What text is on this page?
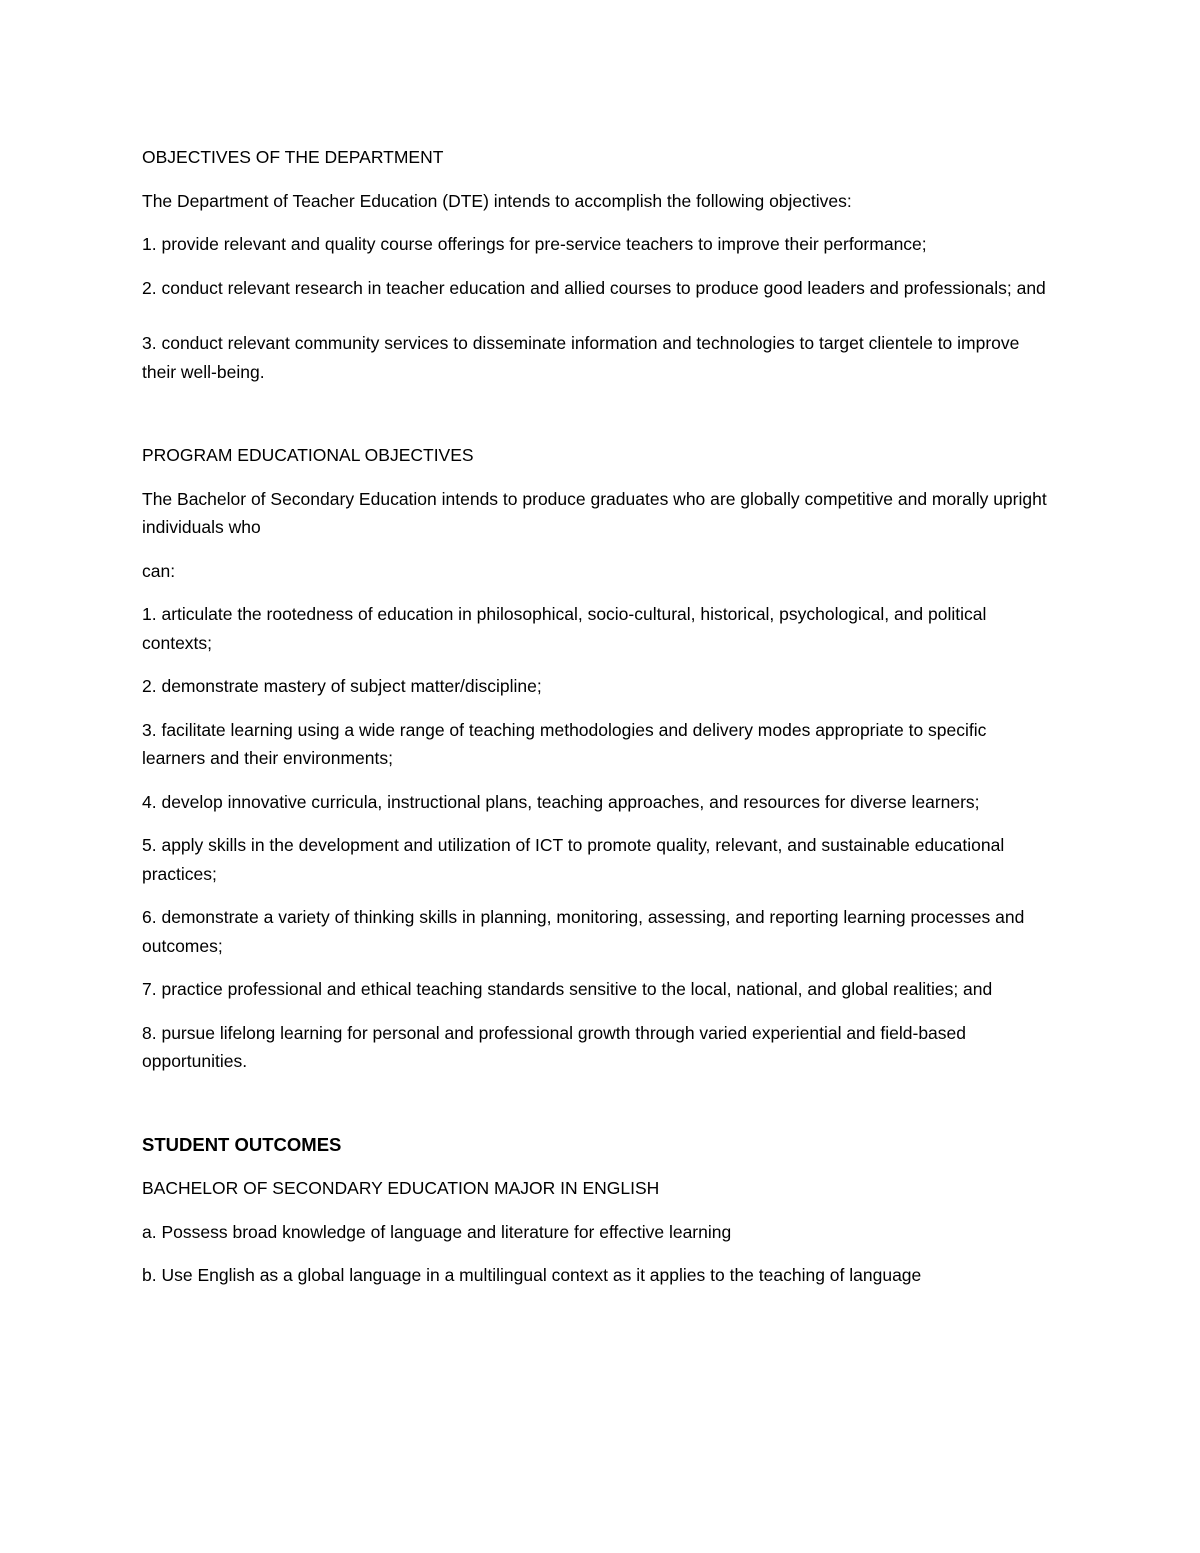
OBJECTIVES OF THE DEPARTMENT

The Department of Teacher Education (DTE) intends to accomplish the following objectives:

1. provide relevant and quality course offerings for pre-service teachers to improve their performance;

2. conduct relevant research in teacher education and allied courses to produce good leaders and professionals; and

3. conduct relevant community services to disseminate information and technologies to target clientele to improve their well-being.

PROGRAM EDUCATIONAL OBJECTIVES

The Bachelor of Secondary Education intends to produce graduates who are globally competitive and morally upright individuals who

can:

1. articulate the rootedness of education in philosophical, socio-cultural, historical, psychological, and political contexts;

2. demonstrate mastery of subject matter/discipline;

3. facilitate learning using a wide range of teaching methodologies and delivery modes appropriate to specific learners and their environments;

4. develop innovative curricula, instructional plans, teaching approaches, and resources for diverse learners;

5. apply skills in the development and utilization of ICT to promote quality, relevant, and sustainable educational practices;

6. demonstrate a variety of thinking skills in planning, monitoring, assessing, and reporting learning processes and outcomes;

7. practice professional and ethical teaching standards sensitive to the local, national, and global realities; and

8. pursue lifelong learning for personal and professional growth through varied experiential and field-based opportunities.

STUDENT OUTCOMES

BACHELOR OF SECONDARY EDUCATION MAJOR IN ENGLISH

a. Possess broad knowledge of language and literature for effective learning

b. Use English as a global language in a multilingual context as it applies to the teaching of language
